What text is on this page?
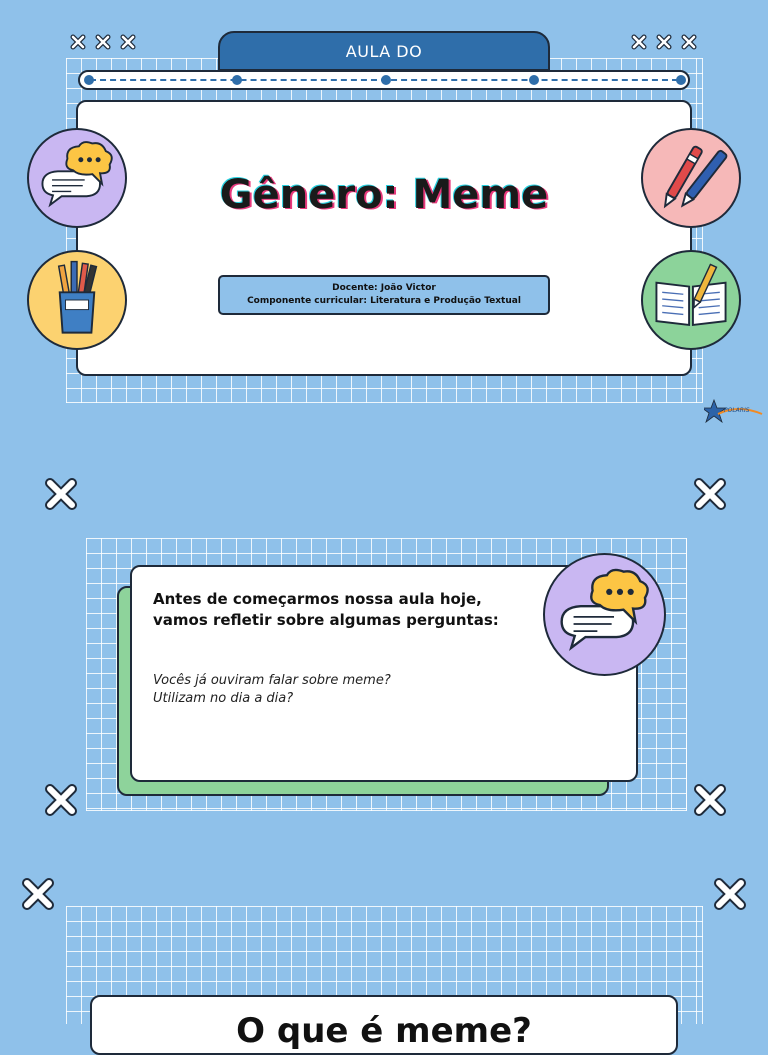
AULA DO
Gênero: Meme
Docente: João Victor
Componente curricular: Literatura e Produção Textual
POLARIS
Antes de começarmos nossa aula hoje,
vamos refletir sobre algumas perguntas:
Vocês já ouviram falar sobre meme?
Utilizam no dia a dia?
O que é meme?
